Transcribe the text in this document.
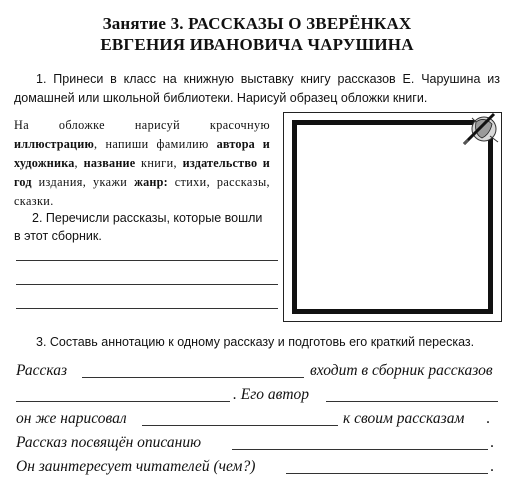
Занятие 3. РАССКАЗЫ О ЗВЕРЁНКАХ
ЕВГЕНИЯ ИВАНОВИЧА ЧАРУШИНА
1. Принеси в класс на книжную выставку книгу рассказов Е. Чарушина из домашней или школьной библиотеки. Нарисуй образец обложки книги.
На обложке нарисуй красочную иллюстрацию, напиши фамилию автора и художника, название книги, издательство и год издания, укажи жанр: стихи, рассказы, сказки.
2. Перечисли рассказы, которые вошли в этот сборник.
3. Составь аннотацию к одному рассказу и подготовь его краткий пересказ.
Рассказ	входит в сборник рассказов
. Его автор
он же нарисовал	к своим рассказам .
Рассказ посвящён описанию	.
Он заинтересует читателей (чем?)	.
